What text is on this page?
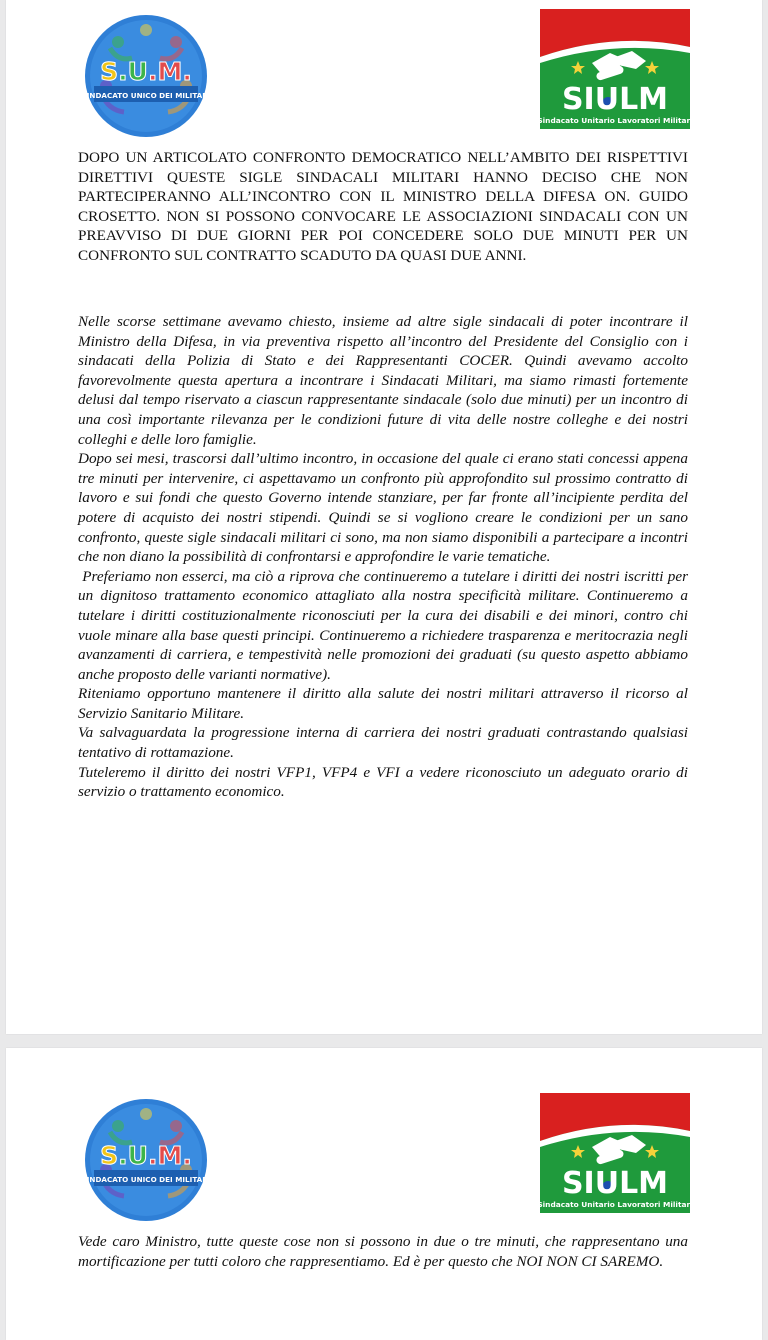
S.U.M.
SINDACATO UNICO DEI MILITARI	SIULM
Sindacato Unitario Lavoratori Militari
DOPO UN ARTICOLATO CONFRONTO DEMOCRATICO NELL’AMBITO DEI RISPETTIVI DIRETTIVI QUESTE SIGLE SINDACALI MILITARI HANNO DECISO CHE NON PARTECIPERANNO ALL’INCONTRO CON IL MINISTRO DELLA DIFESA ON. GUIDO CROSETTO. NON SI POSSONO CONVOCARE LE ASSOCIAZIONI SINDACALI CON UN PREAVVISO DI DUE GIORNI PER POI CONCEDERE SOLO DUE MINUTI PER UN CONFRONTO SUL CONTRATTO SCADUTO DA QUASI DUE ANNI.

Nelle scorse settimane avevamo chiesto, insieme ad altre sigle sindacali di poter incontrare il Ministro della Difesa, in via preventiva rispetto all’incontro del Presidente del Consiglio con i sindacati della Polizia di Stato e dei Rappresentanti COCER. Quindi avevamo accolto favorevolmente questa apertura a incontrare i Sindacati Militari, ma siamo rimasti fortemente delusi dal tempo riservato a ciascun rappresentante sindacale (solo due minuti) per un incontro di una così importante rilevanza per le condizioni future di vita delle nostre colleghe e dei nostri colleghi e delle loro famiglie.

Dopo sei mesi, trascorsi dall’ultimo incontro, in occasione del quale ci erano stati concessi appena tre minuti per intervenire, ci aspettavamo un confronto più approfondito sul prossimo contratto di lavoro e sui fondi che questo Governo intende stanziare, per far fronte all’incipiente perdita del potere di acquisto dei nostri stipendi. Quindi se si vogliono creare le condizioni per un sano confronto, queste sigle sindacali militari ci sono, ma non siamo disponibili a partecipare a incontri che non diano la possibilità di confrontarsi e approfondire le varie tematiche.

Preferiamo non esserci, ma ciò a riprova che continueremo a tutelare i diritti dei nostri iscritti per un dignitoso trattamento economico attagliato alla nostra specificità militare. Continueremo a tutelare i diritti costituzionalmente riconosciuti per la cura dei disabili e dei minori, contro chi vuole minare alla base questi principi. Continueremo a richiedere trasparenza e meritocrazia negli avanzamenti di carriera, e tempestività nelle promozioni dei graduati (su questo aspetto abbiamo anche proposto delle varianti normative).

Riteniamo opportuno mantenere il diritto alla salute dei nostri militari attraverso il ricorso al Servizio Sanitario Militare.

Va salvaguardata la progressione interna di carriera dei nostri graduati contrastando qualsiasi tentativo di rottamazione.

Tuteleremo il diritto dei nostri VFP1, VFP4 e VFI a vedere riconosciuto un adeguato orario di servizio o trattamento economico.

S.U.M.
SINDACATO UNICO DEI MILITARI	SIULM
Sindacato Unitario Lavoratori Militari
Vede caro Ministro, tutte queste cose non si possono in due o tre minuti, che rappresentano una mortificazione per tutti coloro che rappresentiamo. Ed è per questo che NOI NON CI SAREMO.
